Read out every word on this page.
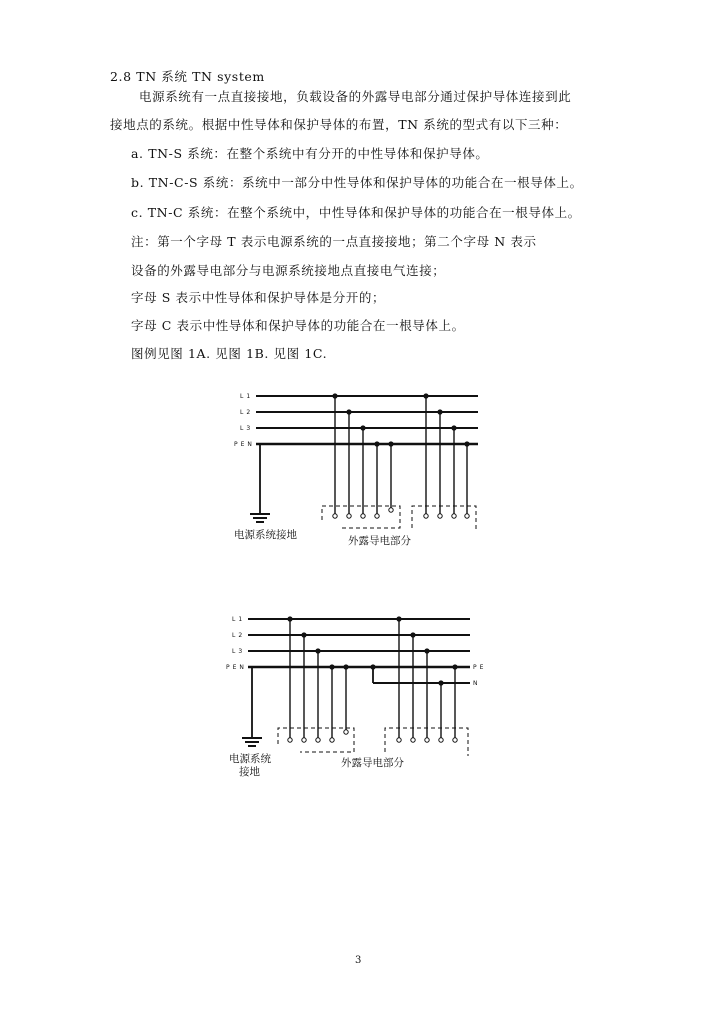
2.8 TN 系统 TN system
电源系统有一点直接接地，负载设备的外露导电部分通过保护导体连接到此
接地点的系统。根据中性导体和保护导体的布置，TN 系统的型式有以下三种：
a. TN-S 系统：在整个系统中有分开的中性导体和保护导体。
b. TN-C-S 系统：系统中一部分中性导体和保护导体的功能合在一根导体上。
c. TN-C 系统：在整个系统中，中性导体和保护导体的功能合在一根导体上。
注：第一个字母 T 表示电源系统的一点直接接地；第二个字母 N 表示
设备的外露导电部分与电源系统接地点直接电气连接；
字母 S 表示中性导体和保护导体是分开的；
字母 C 表示中性导体和保护导体的功能合在一根导体上。
图例见图 1A. 见图 1B. 见图 1C.
L1
L2
L3
PEN
电源系统接地	外露导电部分
L1
L2
L3
PEN	PE
N
电源系统
接地
外露导电部分
3
